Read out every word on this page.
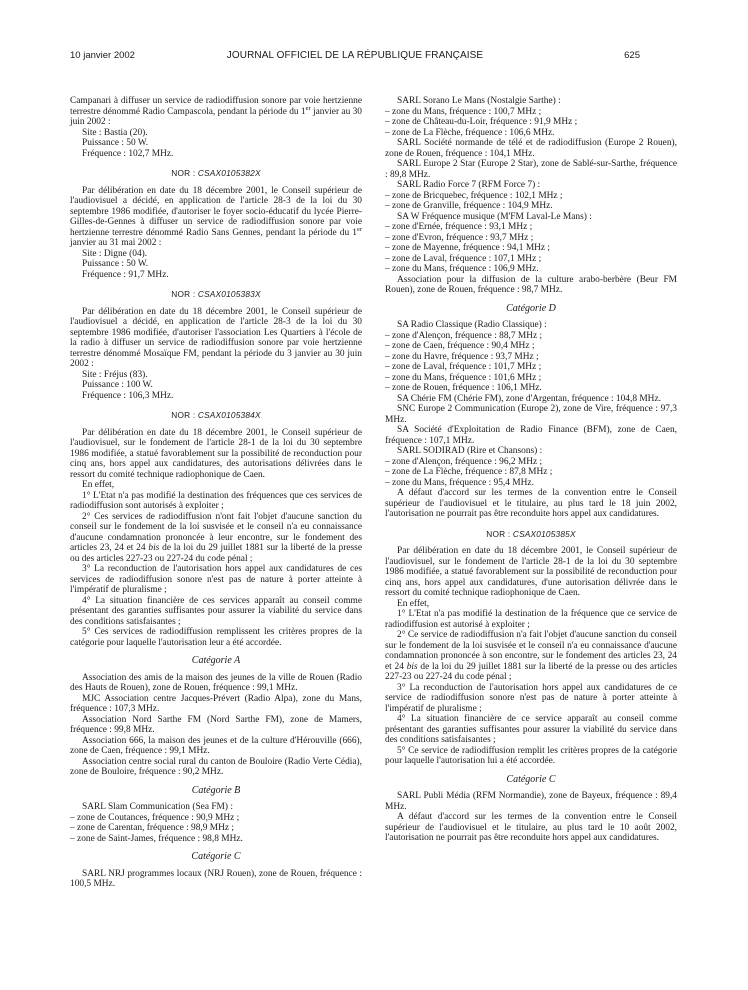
10 janvier 2002	JOURNAL OFFICIEL DE LA RÉPUBLIQUE FRANÇAISE	625

Campanari à diffuser un service de radiodiffusion sonore par voie hertzienne terrestre dénommé Radio Campascola, pendant la période du 1er janvier au 30 juin 2002 :

Site : Bastia (20).

Puissance : 50 W.

Fréquence : 102,7 MHz.

NOR : CSAX0105382X

Par délibération en date du 18 décembre 2001, le Conseil supérieur de l'audiovisuel a décidé, en application de l'article 28-3 de la loi du 30 septembre 1986 modifiée, d'autoriser le foyer socio-éducatif du lycée Pierre-Gilles-de-Gennes à diffuser un service de radiodiffusion sonore par voie hertzienne terrestre dénommé Radio Sans Gennes, pendant la période du 1er janvier au 31 mai 2002 :

Site : Digne (04).

Puissance : 50 W.

Fréquence : 91,7 MHz.

NOR : CSAX0105383X

Par délibération en date du 18 décembre 2001, le Conseil supérieur de l'audiovisuel a décidé, en application de l'article 28-3 de la loi du 30 septembre 1986 modifiée, d'autoriser l'association Les Quartiers à l'école de la radio à diffuser un service de radiodiffusion sonore par voie hertzienne terrestre dénommé Mosaïque FM, pendant la période du 3 janvier au 30 juin 2002 :

Site : Fréjus (83).

Puissance : 100 W.

Fréquence : 106,3 MHz.

NOR : CSAX0105384X

Par délibération en date du 18 décembre 2001, le Conseil supérieur de l'audiovisuel, sur le fondement de l'article 28-1 de la loi du 30 septembre 1986 modifiée, a statué favorablement sur la possibilité de reconduction pour cinq ans, hors appel aux candidatures, des autorisations délivrées dans le ressort du comité technique radiophonique de Caen.

En effet,

1° L'Etat n'a pas modifié la destination des fréquences que ces services de radiodiffusion sont autorisés à exploiter ;

2° Ces services de radiodiffusion n'ont fait l'objet d'aucune sanction du conseil sur le fondement de la loi susvisée et le conseil n'a eu connaissance d'aucune condamnation prononcée à leur encontre, sur le fondement des articles 23, 24 et 24 bis de la loi du 29 juillet 1881 sur la liberté de la presse ou des articles 227-23 ou 227-24 du code pénal ;

3° La reconduction de l'autorisation hors appel aux candidatures de ces services de radiodiffusion sonore n'est pas de nature à porter atteinte à l'impératif de pluralisme ;

4° La situation financière de ces services apparaît au conseil comme présentant des garanties suffisantes pour assurer la viabilité du service dans des conditions satisfaisantes ;

5° Ces services de radiodiffusion remplissent les critères propres de la catégorie pour laquelle l'autorisation leur a été accordée.

Catégorie A

Association des amis de la maison des jeunes de la ville de Rouen (Radio des Hauts de Rouen), zone de Rouen, fréquence : 99,1 MHz.

MJC Association centre Jacques-Prévert (Radio Alpa), zone du Mans, fréquence : 107,3 MHz.

Association Nord Sarthe FM (Nord Sarthe FM), zone de Mamers, fréquence : 99,8 MHz.

Association 666, la maison des jeunes et de la culture d'Hérouville (666), zone de Caen, fréquence : 99,1 MHz.

Association centre social rural du canton de Bouloire (Radio Verte Cédia), zone de Bouloire, fréquence : 90,2 MHz.

Catégorie B

SARL Slam Communication (Sea FM) :

– zone de Coutances, fréquence : 90,9 MHz ;

– zone de Carentan, fréquence : 98,9 MHz ;

– zone de Saint-James, fréquence : 98,8 MHz.

Catégorie C

SARL NRJ programmes locaux (NRJ Rouen), zone de Rouen, fréquence : 100,5 MHz.

SARL Sorano Le Mans (Nostalgie Sarthe) :

– zone du Mans, fréquence : 100,7 MHz ;

– zone de Château-du-Loir, fréquence : 91,9 MHz ;

– zone de La Flèche, fréquence : 106,6 MHz.

SARL Société normande de télé et de radiodiffusion (Europe 2 Rouen), zone de Rouen, fréquence : 104,1 MHz.

SARL Europe 2 Star (Europe 2 Star), zone de Sablé-sur-Sarthe, fréquence : 89,8 MHz.

SARL Radio Force 7 (RFM Force 7) :

– zone de Bricquebec, fréquence : 102,1 MHz ;

– zone de Granville, fréquence : 104,9 MHz.

SA W Fréquence musique (M'FM Laval-Le Mans) :

– zone d'Ernée, fréquence : 93,1 MHz ;

– zone d'Evron, fréquence : 93,7 MHz ;

– zone de Mayenne, fréquence : 94,1 MHz ;

– zone de Laval, fréquence : 107,1 MHz ;

– zone du Mans, fréquence : 106,9 MHz.

Association pour la diffusion de la culture arabo-berbère (Beur FM Rouen), zone de Rouen, fréquence : 98,7 MHz.

Catégorie D

SA Radio Classique (Radio Classique) :

– zone d'Alençon, fréquence : 88,7 MHz ;

– zone de Caen, fréquence : 90,4 MHz ;

– zone du Havre, fréquence : 93,7 MHz ;

– zone de Laval, fréquence : 101,7 MHz ;

– zone du Mans, fréquence : 101,6 MHz ;

– zone de Rouen, fréquence : 106,1 MHz.

SA Chérie FM (Chérie FM), zone d'Argentan, fréquence : 104,8 MHz.

SNC Europe 2 Communication (Europe 2), zone de Vire, fréquence : 97,3 MHz.

SA Société d'Exploitation de Radio Finance (BFM), zone de Caen, fréquence : 107,1 MHz.

SARL SODIRAD (Rire et Chansons) :

– zone d'Alençon, fréquence : 96,2 MHz ;

– zone de La Flèche, fréquence : 87,8 MHz ;

– zone du Mans, fréquence : 95,4 MHz.

A défaut d'accord sur les termes de la convention entre le Conseil supérieur de l'audiovisuel et le titulaire, au plus tard le 18 juin 2002, l'autorisation ne pourrait pas être reconduite hors appel aux candidatures.

NOR : CSAX0105385X

Par délibération en date du 18 décembre 2001, le Conseil supérieur de l'audiovisuel, sur le fondement de l'article 28-1 de la loi du 30 septembre 1986 modifiée, a statué favorablement sur la possibilité de reconduction pour cinq ans, hors appel aux candidatures, d'une autorisation délivrée dans le ressort du comité technique radiophonique de Caen.

En effet,

1° L'Etat n'a pas modifié la destination de la fréquence que ce service de radiodiffusion est autorisé à exploiter ;

2° Ce service de radiodiffusion n'a fait l'objet d'aucune sanction du conseil sur le fondement de la loi susvisée et le conseil n'a eu connaissance d'aucune condamnation prononcée à son encontre, sur le fondement des articles 23, 24 et 24 bis de la loi du 29 juillet 1881 sur la liberté de la presse ou des articles 227-23 ou 227-24 du code pénal ;

3° La reconduction de l'autorisation hors appel aux candidatures de ce service de radiodiffusion sonore n'est pas de nature à porter atteinte à l'impératif de pluralisme ;

4° La situation financière de ce service apparaît au conseil comme présentant des garanties suffisantes pour assurer la viabilité du service dans des conditions satisfaisantes ;

5° Ce service de radiodiffusion remplit les critères propres de la catégorie pour laquelle l'autorisation lui a été accordée.

Catégorie C

SARL Publi Média (RFM Normandie), zone de Bayeux, fréquence : 89,4 MHz.

A défaut d'accord sur les termes de la convention entre le Conseil supérieur de l'audiovisuel et le titulaire, au plus tard le 10 août 2002, l'autorisation ne pourrait pas être reconduite hors appel aux candidatures.
